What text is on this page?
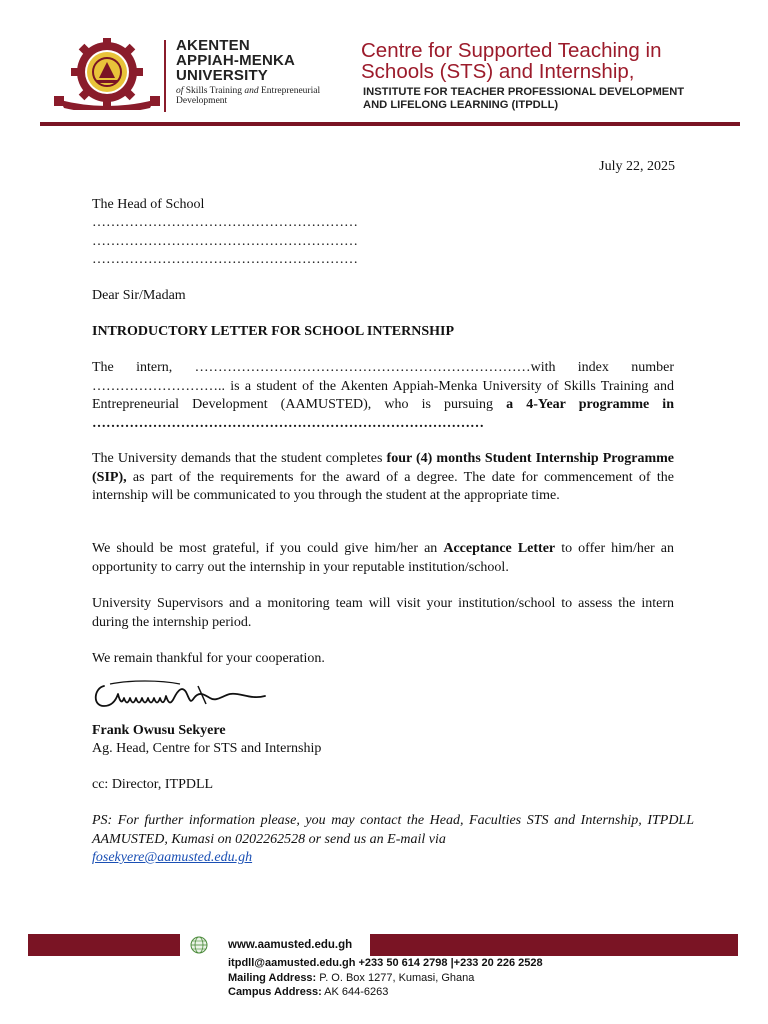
AKENTEN
APPIAH-MENKA
UNIVERSITY
of Skills Training and Entrepreneurial Development
Centre for Supported Teaching in
Schools (STS) and Internship,
INSTITUTE FOR TEACHER PROFESSIONAL DEVELOPMENT
AND LIFELONG LEARNING (ITPDLL)
July 22, 2025
The Head of School
…………………………………………………
…………………………………………………
…………………………………………………
Dear Sir/Madam
INTRODUCTORY LETTER FOR SCHOOL INTERNSHIP
The intern, ………………………………………………………………with index number ……………………….. is a student of the Akenten Appiah-Menka University of Skills Training and Entrepreneurial Development (AAMUSTED), who is pursuing a 4-Year programme in …………………………………………………………………………
The University demands that the student completes four (4) months Student Internship Programme (SIP), as part of the requirements for the award of a degree. The date for commencement of the internship will be communicated to you through the student at the appropriate time.
We should be most grateful, if you could give him/her an Acceptance Letter to offer him/her an opportunity to carry out the internship in your reputable institution/school.
University Supervisors and a monitoring team will visit your institution/school to assess the intern during the internship period.
We remain thankful for your cooperation.
Frank Owusu Sekyere
Ag. Head, Centre for STS and Internship
cc: Director, ITPDLL
PS: For further information please, you may contact the Head, Faculties STS and Internship, ITPDLL AAMUSTED, Kumasi on 0202262528 or send us an E-mail via
fosekyere@aamusted.edu.gh
www.aamusted.edu.gh
itpdll@aamusted.edu.gh +233 50 614 2798 |+233 20 226 2528
Mailing Address: P. O. Box 1277, Kumasi, Ghana
Campus Address: AK 644-6263
